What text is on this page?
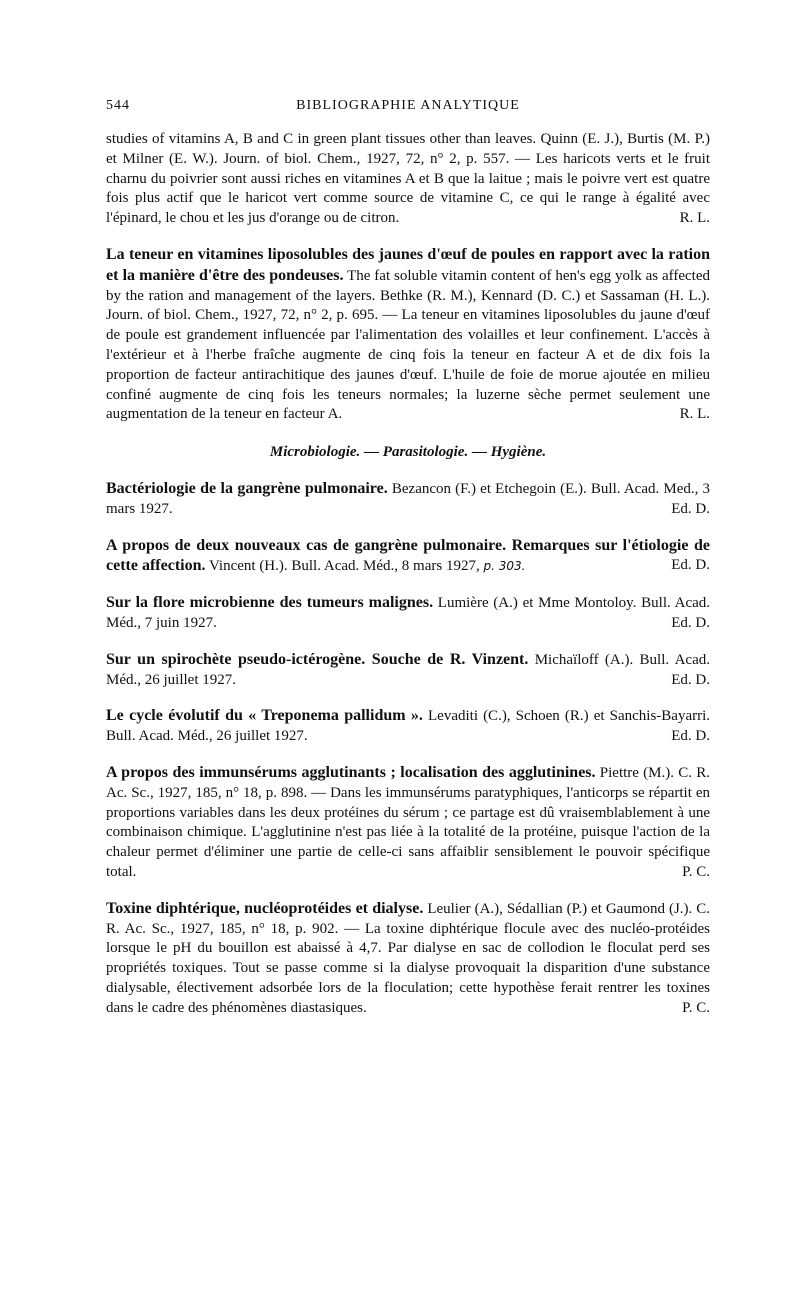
544	BIBLIOGRAPHIE ANALYTIQUE

studies of vitamins A, B and C in green plant tissues other than leaves. Quinn (E. J.), Burtis (M. P.) et Milner (E. W.). Journ. of biol. Chem., 1927, 72, n° 2, p. 557. — Les haricots verts et le fruit charnu du poivrier sont aussi riches en vitamines A et B que la laitue ; mais le poivre vert est quatre fois plus actif que le haricot vert comme source de vitamine C, ce qui le range à égalité avec l'épinard, le chou et les jus d'orange ou de citron.	R. L.

La teneur en vitamines liposolubles des jaunes d'œuf de poules en rapport avec la ration et la manière d'être des pondeuses. The fat soluble vitamin content of hen's egg yolk as affected by the ration and management of the layers. Bethke (R. M.), Kennard (D. C.) et Sassaman (H. L.). Journ. of biol. Chem., 1927, 72, n° 2, p. 695. — La teneur en vitamines liposolubles du jaune d'œuf de poule est grandement influencée par l'alimentation des volailles et leur confinement. L'accès à l'extérieur et à l'herbe fraîche augmente de cinq fois la teneur en facteur A et de dix fois la proportion de facteur antirachitique des jaunes d'œuf. L'huile de foie de morue ajoutée en milieu confiné augmente de cinq fois les teneurs normales; la luzerne sèche permet seulement une augmentation de la teneur en facteur A.	R. L.

Microbiologie. — Parasitologie. — Hygiène.

Bactériologie de la gangrène pulmonaire. Bezancon (F.) et Etchegoin (E.). Bull. Acad. Med., 3 mars 1927.	Ed. D.

A propos de deux nouveaux cas de gangrène pulmonaire. Remarques sur l'étiologie de cette affection. Vincent (H.). Bull. Acad. Méd., 8 mars 1927, p. 303.	Ed. D.

Sur la flore microbienne des tumeurs malignes. Lumière (A.) et Mme Montoloy. Bull. Acad. Méd., 7 juin 1927.	Ed. D.

Sur un spirochète pseudo-ictérogène. Souche de R. Vinzent. Michaïloff (A.). Bull. Acad. Méd., 26 juillet 1927.	Ed. D.

Le cycle évolutif du « Treponema pallidum ». Levaditi (C.), Schoen (R.) et Sanchis-Bayarri. Bull. Acad. Méd., 26 juillet 1927.	Ed. D.

A propos des immunsérums agglutinants ; localisation des agglutinines. Piettre (M.). C. R. Ac. Sc., 1927, 185, n° 18, p. 898. — Dans les immunsérums paratyphiques, l'anticorps se répartit en proportions variables dans les deux protéines du sérum ; ce partage est dû vraisemblablement à une combinaison chimique. L'agglutinine n'est pas liée à la totalité de la protéine, puisque l'action de la chaleur permet d'éliminer une partie de celle-ci sans affaiblir sensiblement le pouvoir spécifique total.	P. C.

Toxine diphtérique, nucléoprotéides et dialyse. Leulier (A.), Sédallian (P.) et Gaumond (J.). C. R. Ac. Sc., 1927, 185, n° 18, p. 902. — La toxine diphtérique flocule avec des nucléo-protéides lorsque le pH du bouillon est abaissé à 4,7. Par dialyse en sac de collodion le floculat perd ses propriétés toxiques. Tout se passe comme si la dialyse provoquait la disparition d'une substance dialysable, électivement adsorbée lors de la floculation; cette hypothèse ferait rentrer les toxines dans le cadre des phénomènes diastasiques.	P. C.
